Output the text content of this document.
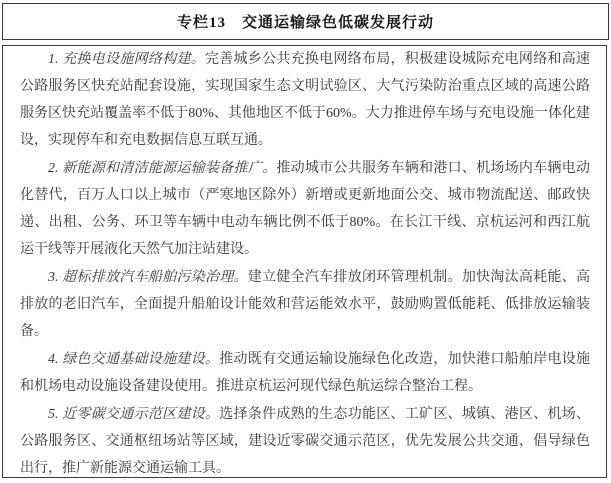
专栏13　交通运输绿色低碳发展行动

1. 充换电设施网络构建。完善城乡公共充换电网络布局，积极建设城际充电网络和高速公路服务区快充站配套设施，实现国家生态文明试验区、大气污染防治重点区域的高速公路服务区快充站覆盖率不低于80%、其他地区不低于60%。大力推进停车场与充电设施一体化建设，实现停车和充电数据信息互联互通。

2. 新能源和清洁能源运输装备推广。推动城市公共服务车辆和港口、机场场内车辆电动化替代，百万人口以上城市（严寒地区除外）新增或更新地面公交、城市物流配送、邮政快递、出租、公务、环卫等车辆中电动车辆比例不低于80%。在长江干线、京杭运河和西江航运干线等开展液化天然气加注站建设。

3. 超标排放汽车船舶污染治理。建立健全汽车排放闭环管理机制。加快淘汰高耗能、高排放的老旧汽车，全面提升船舶设计能效和营运能效水平，鼓励购置低能耗、低排放运输装备。

4. 绿色交通基础设施建设。推动既有交通运输设施绿色化改造，加快港口船舶岸电设施和机场电动设施设备建设使用。推进京杭运河现代绿色航运综合整治工程。

5. 近零碳交通示范区建设。选择条件成熟的生态功能区、工矿区、城镇、港区、机场、公路服务区、交通枢纽场站等区域，建设近零碳交通示范区，优先发展公共交通，倡导绿色出行，推广新能源交通运输工具。
